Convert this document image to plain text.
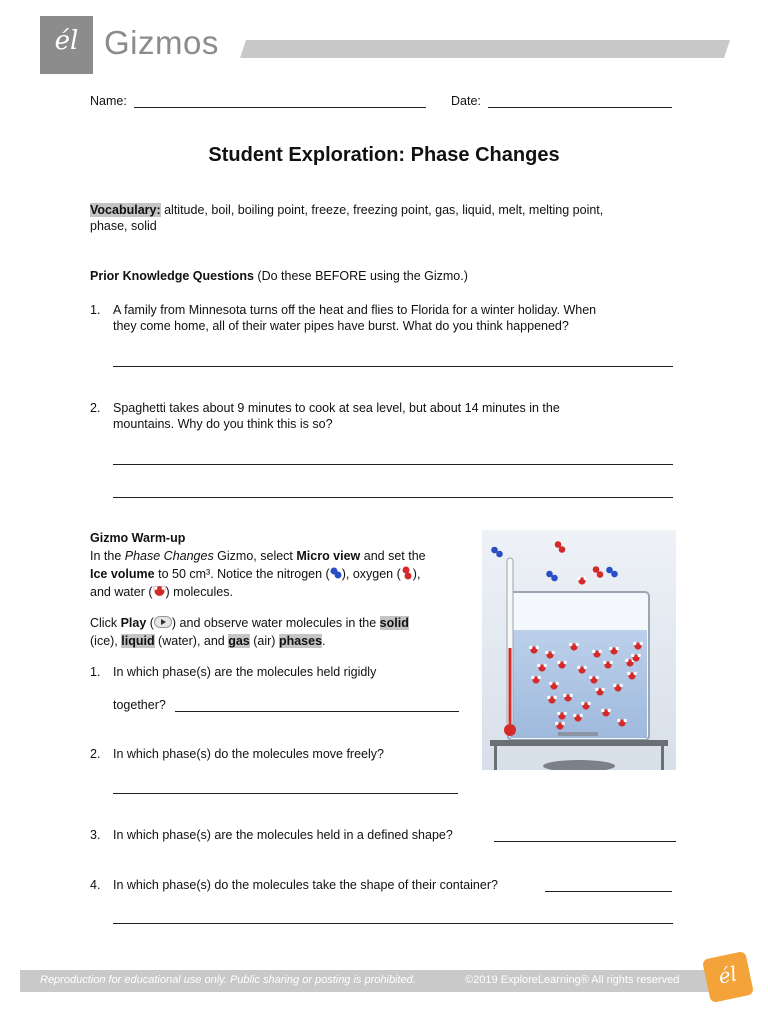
él Gizmos
Name:	Date:
Student Exploration: Phase Changes
Vocabulary: altitude, boil, boiling point, freeze, freezing point, gas, liquid, melt, melting point,
phase, solid
Prior Knowledge Questions (Do these BEFORE using the Gizmo.)
1. A family from Minnesota turns off the heat and flies to Florida for a winter holiday. When
they come home, all of their water pipes have burst. What do you think happened?
2. Spaghetti takes about 9 minutes to cook at sea level, but about 14 minutes in the
mountains. Why do you think this is so?
Gizmo Warm-up
In the Phase Changes Gizmo, select Micro view and set the
Ice volume to 50 cm³. Notice the nitrogen ( ), oxygen ( ),
and water ( ) molecules.
Click Play ( ) and observe water molecules in the solid
(ice), liquid (water), and gas (air) phases.
1. In which phase(s) are the molecules held rigidly
together?
2. In which phase(s) do the molecules move freely?
3. In which phase(s) are the molecules held in a defined shape?
4. In which phase(s) do the molecules take the shape of their container?
Reproduction for educational use only. Public sharing or posting is prohibited.	©2019 ExploreLearning® All rights reserved	él
